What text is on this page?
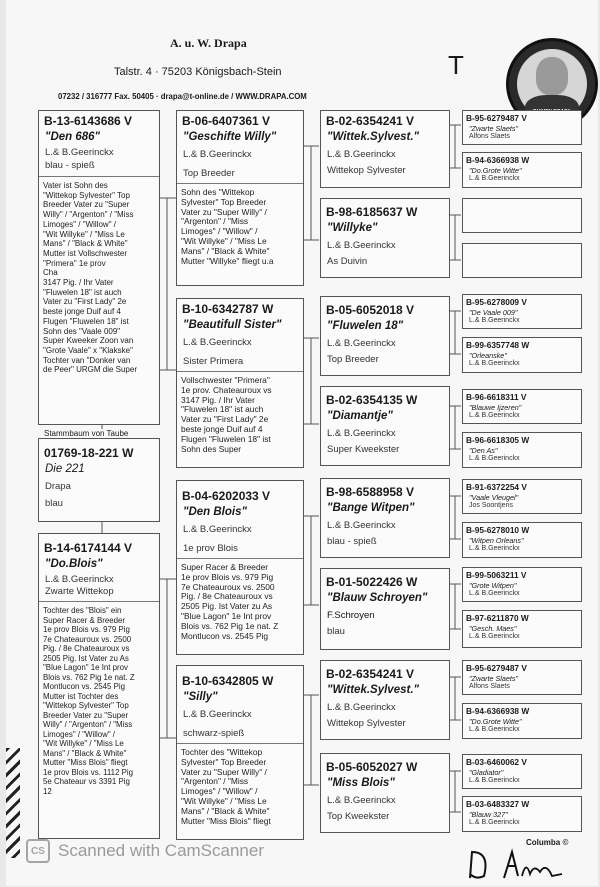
A. u. W. Drapa
Talstr. 4 · 75203 Königsbach-Stein
07232 / 316777 Fax. 50405 · drapa@t-online.de / WWW.DRAPA.COM
T
B-13-6143686 V
"Den 686"
L.& B.Geerinckx
blau - spieß
Vater ist Sohn des
"Wittekop Sylvester" Top
Breeder Vater zu "Super
Willy" / "Argenton" / "Miss
Limoges" / "Willow" /
"Wit Willyke" / "Miss Le
Mans" / "Black & White"
Mutter ist Vollschwester
"Primera" 1e prov
Cha
3147 Pig. / Ihr Vater
"Fluwelen 18" ist auch
Vater zu "First Lady" 2e
beste jonge Duif auf 4
Flugen "Fluwelen 18" ist
Sohn des "Vaale 009"
Super Kweeker Zoon van
"Grote Vaale" x "Klakske"
Tochter van "Donker van
de Peer" URGM die Super
Stammbaum von Taube
01769-18-221 W
Die 221
Drapa
blau
B-14-6174144 V
"Do.Blois"
L.& B.Geerinckx
Zwarte Wittekop
Tochter des "Blois" ein
Super Racer & Breeder
1e prov Blois vs. 979 Pig
7e Chateauroux vs. 2500
Pig. / 8e Chateauroux vs
2505 Pig. Ist Vater zu As
"Blue Lagon" 1e Int prov
Blois vs. 762 Pig 1e nat. Z
Montlucon vs. 2545 Pig
Mutter ist Tochter des
"Wittekop Sylvester" Top
Breeder Vater zu "Super
Willy" / "Argenton" / "Miss
Limoges" / "Willow" /
"Wit Willyke" / "Miss Le
Mans" / "Black & White"
Mutter "Miss Blois" fliegt
1e prov Blois vs. 1112 Pig
5e Chateaur vs 3391 Pig
12
B-06-6407361 V
"Geschifte Willy"
L.& B.Geerinckx
Top Breeder
Sohn des "Wittekop
Sylvester" Top Breeder
Vater zu "Super Willy" /
"Argenton" / "Miss
Limoges" / "Willow" /
"Wit Willyke" / "Miss Le
Mans" / "Black & White"
Mutter "Willyke" fliegt u.a
B-10-6342787 W
"Beautifull Sister"
L.& B.Geerinckx
Sister Primera
Vollschwester "Primera"
1e prov. Chateauroux vs
3147 Pig. / Ihr Vater
"Fluwelen 18" ist auch
Vater zu "First Lady" 2e
beste jonge Duif auf 4
Flugen "Fluwelen 18" ist
Sohn des Super
B-04-6202033 V
"Den Blois"
L.& B.Geerinckx
1e prov Blois
Super Racer & Breeder
1e prov Blois vs. 979 Pig
7e Chateauroux vs. 2500
Pig. / 8e Chateauroux vs
2505 Pig. Ist Vater zu As
"Blue Lagon" 1e Int prov
Blois vs. 762 Pig 1e nat. Z
Montlucon vs. 2545 Pig
B-10-6342805 W
"Silly"
L.& B.Geerinckx
schwarz-spieß
Tochter des "Wittekop
Sylvester" Top Breeder
Vater zu "Super Willy" /
"Argenton" / "Miss
Limoges" / "Willow" /
"Wit Willyke" / "Miss Le
Mans" / "Black & White"
Mutter "Miss Blois" fliegt
B-02-6354241 V
"Wittek.Sylvest."
L.& B.Geerinckx
Wittekop Sylvester
B-98-6185637 W
"Willyke"
L.& B.Geerinckx
As Duivin
B-05-6052018 V
"Fluwelen 18"
L.& B.Geerinckx
Top Breeder
B-02-6354135 W
"Diamantje"
L.& B.Geerinckx
Super Kweekster
B-98-6588958 V
"Bange Witpen"
L.& B.Geerinckx
blau - spieß
B-01-5022426 W
"Blauw Schroyen"
F.Schroyen
blau
B-02-6354241 V
"Wittek.Sylvest."
L.& B.Geerinckx
Wittekop Sylvester
B-05-6052027 W
"Miss Blois"
L.& B.Geerinckx
Top Kweekster
B-95-6279487 V
"Zwarte Slaets"
Alfons Slaets
B-94-6366938 W
"Do.Grote Witte"
L.& B.Geerinckx
B-95-6278009 V
"De Vaale 009"
L.& B.Geerinckx
B-99-6357748 W
"Orleanske"
L.& B.Geerinckx
B-96-6618311 V
"Blauwe Ijzeren"
L.& B.Geerinckx
B-96-6618305 W
"Den As"
L.& B.Geerinckx
B-91-6372254 V
"Vaale Vleugel"
Jos Soontjens
B-95-6278010 W
"Witpen Orleans"
L.& B.Geerinckx
B-99-5063211 V
"Grote Witpen"
L.& B.Geerinckx
B-97-6211870 W
"Gesch. Maes"
L.& B.Geerinckx
B-95-6279487 V
"Zwarte Slaets"
Alfons Slaets
B-94-6366938 W
"Do.Grote Witte"
L.& B.Geerinckx
B-03-6460062 V
"Gladiator"
L.& B.Geerinckx
B-03-6483327 W
"Blauw 327"
L.& B.Geerinckx
Columba ©
CS Scanned with CamScanner
